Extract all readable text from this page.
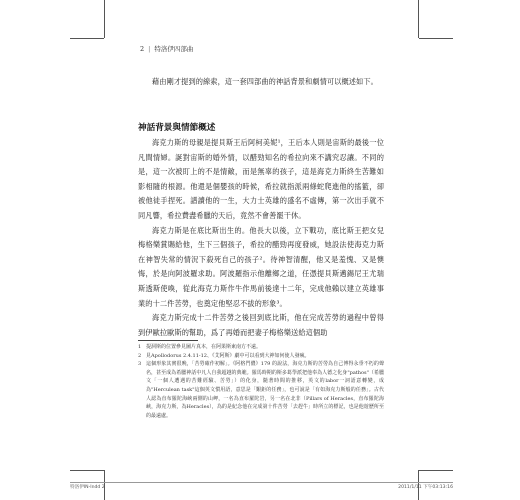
2 | 特洛伊四部曲

藉由剛才提到的線索，這一套四部曲的神話背景和劇情可以概述如下。

神話背景與情節概述

海克力斯的母親是提貝斯王后阿柯美妮¹，王后本人則是宙斯的最後一位凡間情婦。誕對宙斯的婚外情，以醋勁知名的希拉向來不講究忍讓。不同的是，這一次被盯上的不是情敵，而是無辜的孩子，這是海克力斯終生苦難如影相隨的根源。他還是個嬰孩的時候，希拉就指派兩條蛇爬進他的搖籃，卻被他徒手捏死。譜讀他的一生，大力士英雄的盛名不虛傳，第一次出手就不同凡響，希拉費盡希臘的天后，竟然不會善罷干休。

海克力斯是在底比斯出生的。他長大以後，立下戰功，底比斯王把女兒梅格樂賞賜給他，生下三個孩子，希拉的醋勁再度發威，她設法使海克力斯在神智失常的情況下殺死自己的孩子²。待神智清醒，他又是羞愧、又是懊悔，於是向阿波羅求助。阿波羅指示他離鄉之道，任憑提貝斯邁錫尼王尤瑞斯透斯使喚，從此海克力斯作牛作馬前後達十二年，完成他賴以建立英雄事業的十二件苦勞，也奠定他堅忍不拔的形象³。

海克力斯完成十二件苦勞之後回到底比斯，他在完成苦勞的過程中曾得到伊歐拉歐斯的幫助，爲了再婚而把妻子梅格樂送給這個助

1 提洞斯的位置參見圖片真本，在阿果斯東南方不遠。

2 見Apollodorus 2.4.11-12、《艾阿斯》劇中可以看到大神如何使人發瘋。

3 這個形象其實很晚，「苦勞確作初解」。《阿格門儂》179 的說法，海克力斯的苦勞為自己博得永垂不朽的聲名，甚至成為希臘神話中凡人自我超越的典範。羅馬時期的斯多葛學派把他奉為人德之化身"pathos"（希臘文「一個人遭遇的苦難經驗、苦勞」）的化身，隨著時間的推移，英文的labor一詞語意轉變，成為"Herculean task"這個英文慣用語，意思是「艱鉅的任務」，也可說是「有如海克力斯般的任務」。古代人認為直布羅陀海峽兩側的山岬，一名為直布羅陀岩，另一名在北非（Pillars of Heracles，直布羅陀海峽，海克力斯，為Heracles），為的是紀念他在完成第十件苦勞「去趕牛」時所立的標記，也是他遊歷所至的最遠處。

特洛伊IN-Indd 2	2011/1/11 下午03:13:16
